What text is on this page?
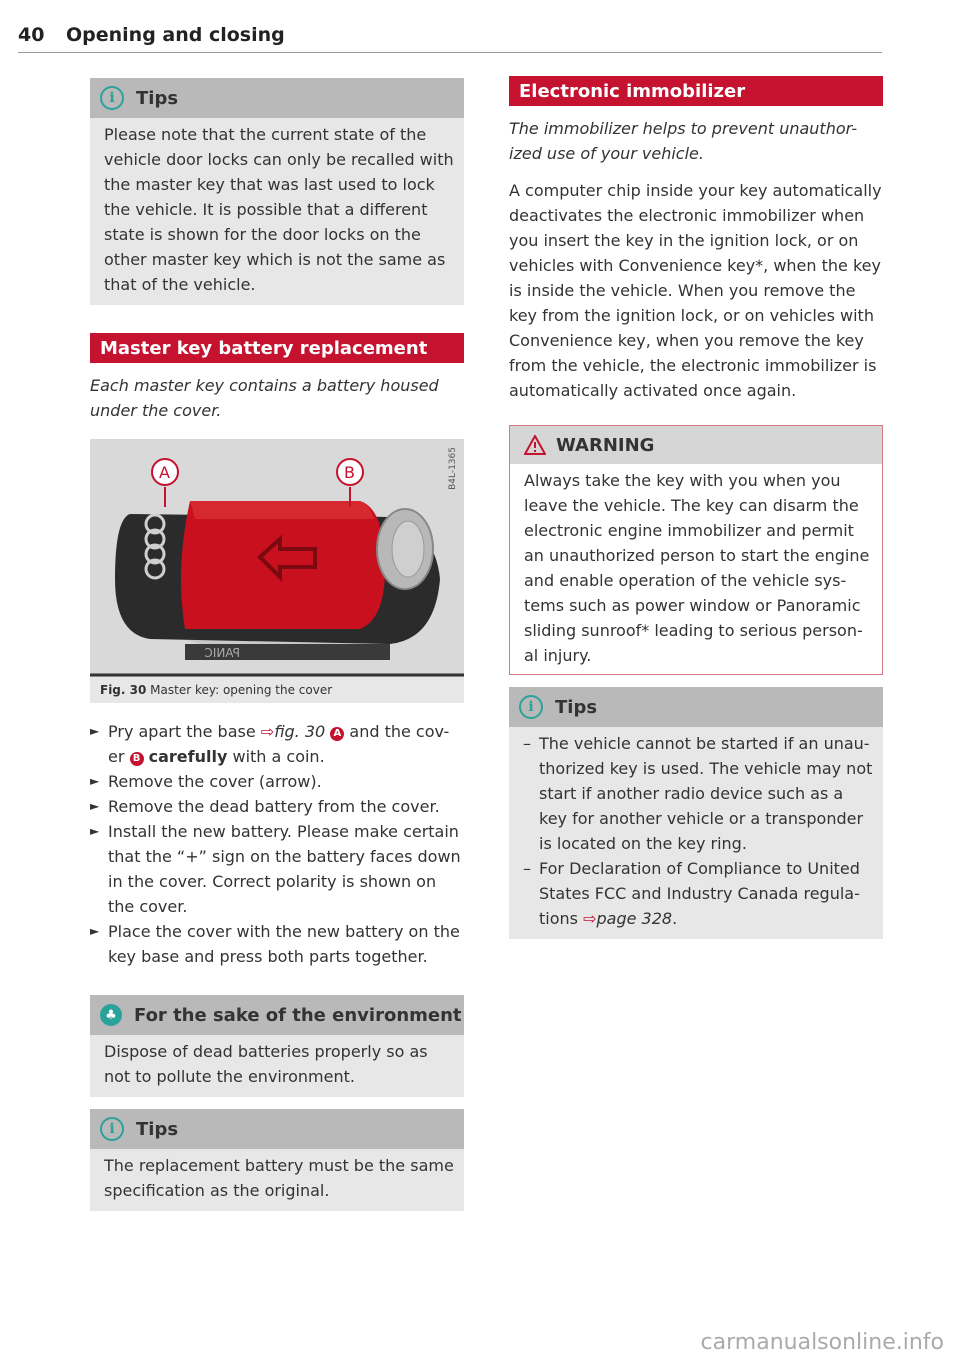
40 Opening and closing
i	Tips
Please note that the current state of the vehicle door locks can only be recalled with the master key that was last used to lock the vehicle. It is possible that a different state is shown for the door locks on the other master key which is not the same as that of the vehicle.
Master key battery replacement

Each master key contains a battery housed under the cover.

PANIC
A	B	B4L-1365
Fig. 30 Master key: opening the cover
► Pry apart the base ⇨fig. 30 A and the cov-
er B carefully with a coin.
► Remove the cover (arrow).
► Remove the dead battery from the cover.
► Install the new battery. Please make certain that the “+” sign on the battery faces down in the cover. Correct polarity is shown on the cover.
► Place the cover with the new battery on the key base and press both parts together.
♣ For the sake of the environment
Dispose of dead batteries properly so as not to pollute the environment.
i	Tips
The replacement battery must be the same specification as the original.
Electronic immobilizer

The immobilizer helps to prevent unauthor-ized use of your vehicle.

A computer chip inside your key automatically deactivates the electronic immobilizer when you insert the key in the ignition lock, or on vehicles with Convenience key*, when the key is inside the vehicle. When you remove the key from the ignition lock, or on vehicles with Convenience key, when you remove the key from the vehicle, the electronic immobilizer is automatically activated once again.

WARNING
Always take the key with you when you leave the vehicle. The key can disarm the electronic engine immobilizer and permit an unauthorized person to start the engine and enable operation of the vehicle sys-tems such as power window or Panoramic sliding sunroof* leading to serious person-al injury.
i	Tips
– The vehicle cannot be started if an unau-thorized key is used. The vehicle may not start if another radio device such as a key for another vehicle or a transponder is located on the key ring.
– For Declaration of Compliance to United States FCC and Industry Canada regula-tions ⇨page 328.
carmanualsonline.info
